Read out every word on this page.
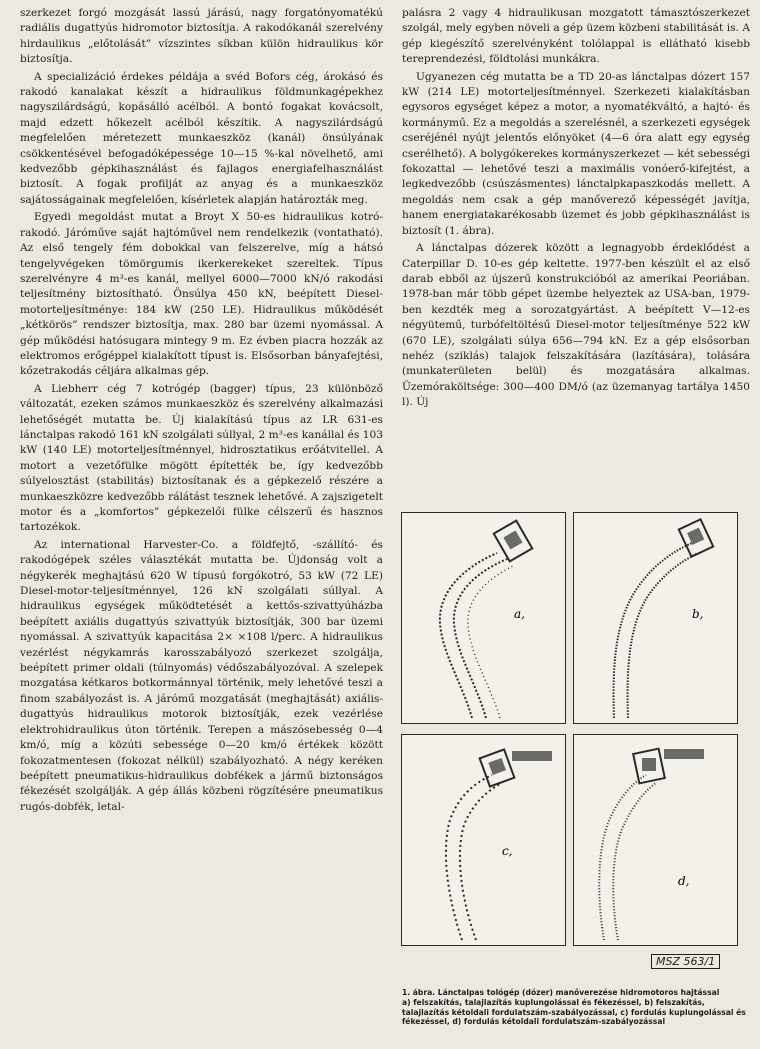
szerkezet forgó mozgását lassú járású, nagy forgatónyomatékú radiális dugattyús hidromotor biztosítja. A rakodókanál szerelvény hirdaulikus „előtolását” vízszintes síkban külön hidraulikus kör biztosítja.

A specializáció érdekes példája a svéd Bofors cég, árokásó és rakodó kanalakat készít a hidraulikus földmunkagépekhez nagyszilárdságú, kopásálló acélból. A bontó fogakat kovácsolt, majd edzett hőkezelt acélból készítik. A nagyszilárdságú megfelelően méretezett munkaeszköz (kanál) önsúlyának csökkentésével befogadóképessége 10—15 %-kal növelhető, ami kedvezőbb gépkihasználást és fajlagos energiafelhasználást biztosít. A fogak profilját az anyag és a munkaeszköz sajátosságainak megfelelően, kísérletek alapján határozták meg.

Egyedi megoldást mutat a Broyt X 50-es hidraulikus kotró-rakodó. Járóműve saját hajtóművel nem rendelkezik (vontatható). Az első tengely fém dobokkal van felszerelve, míg a hátsó tengelyvégeken tömörgumis ikerkerekeket szereltek. Típus szerelvényre 4 m³-es kanál, mellyel 6000—7000 kN/ó rakodási teljesítmény biztosítható. Önsúlya 450 kN, beépített Diesel-motorteljesítménye: 184 kW (250 LE). Hidraulikus működését „kétkörös” rendszer biztosítja, max. 280 bar üzemi nyomással. A gép működési hatósugara mintegy 9 m. Ez évben piacra hozzák az elektromos erőgéppel kialakított típust is. Elsősorban bányafejtési, kőzetrakodás céljára alkalmas gép.

A Liebherr cég 7 kotrógép (bagger) típus, 23 különböző változatát, ezeken számos munkaeszköz és szerelvény alkalmazási lehetőségét mutatta be. Új kialakítású típus az LR 631-es lánctalpas rakodó 161 kN szolgálati súllyal, 2 m³-es kanállal és 103 kW (140 LE) motorteljesítménnyel, hidrosztatikus erőátvitellel. A motort a vezetőfülke mögött építették be, így kedvezőbb súlyelosztást (stabilitás) biztosítanak és a gépkezelő részére a munkaeszközre kedvezőbb rálátást tesznek lehetővé. A zajszigetelt motor és a „komfortos” gépkezelői fülke célszerű és hasznos tartozékok.

Az international Harvester-Co. a földfejtő, -szállító- és rakodógépek széles választékát mutatta be. Újdonság volt a négykerék meghajtású 620 W típusú forgókotró, 53 kW (72 LE) Diesel-motor-teljesítménnyel, 126 kN szolgálati súllyal. A hidraulikus egységek működtetését a kettős-szivattyúházba beépített axiális dugattyús szivattyúk biztosítják, 300 bar üzemi nyomással. A szivattyúk kapacitása 2× ×108 l/perc. A hidraulikus vezérlést négykamrás karosszabályozó szerkezet szolgálja, beépített primer oldali (túlnyomás) védőszabályozóval. A szelepek mozgatása kétkaros botkormánnyal történik, mely lehetővé teszi a finom szabályozást is. A járómű mozgatását (meghajtását) axiális-dugattyús hidraulikus motorok biztosítják, ezek vezérlése elektrohidraulikus úton történik. Terepen a mászósebesség 0—4 km/ó, míg a közúti sebessége 0—20 km/ó értékek között fokozatmentesen (fokozat nélkül) szabályozható. A négy keréken beépített pneumatikus-hidraulikus dobfékek a jármű biztonságos fékezését szolgálják. A gép állás közbeni rögzítésére pneumatikus rugós-dobfék, letal-

palásra 2 vagy 4 hidraulikusan mozgatott támasztószerkezet szolgál, mely egyben növeli a gép üzem közbeni stabilitását is. A gép kiegészítő szerelvényként tolólappal is ellátható kisebb tereprendezési, földtolási munkákra.

Ugyanezen cég mutatta be a TD 20-as lánctalpas dózert 157 kW (214 LE) motorteljesítménnyel. Szerkezeti kialakításban egysoros egységet képez a motor, a nyomatékváltó, a hajtó- és kormánymű. Ez a megoldás a szerelésnél, a szerkezeti egységek cseréjénél nyújt jelentős előnyöket (4—6 óra alatt egy egység cserélhető). A bolygókerekes kormányszerkezet — két sebességi fokozattal — lehetővé teszi a maximális vonóerő-kifejtést, a legkedvezőbb (csúszásmentes) lánctalpkapaszkodás mellett. A megoldás nem csak a gép manőverező képességét javítja, hanem energiatakarékosabb üzemet és jobb gépkihasználást is biztosít (1. ábra).

A lánctalpas dózerek között a legnagyobb érdeklődést a Caterpillar D. 10-es gép keltette. 1977-ben készült el az első darab ebből az újszerű konstrukcióból az amerikai Peoriában. 1978-ban már több gépet üzembe helyeztek az USA-ban, 1979-ben kezdték meg a sorozatgyártást. A beépített V—12-es négyütemű, turbófeltöltésű Diesel-motor teljesítménye 522 kW (670 LE), szolgálati súlya 656—794 kN. Ez a gép elsősorban nehéz (sziklás) talajok felszakítására (lazítására), tolására (munkaterületen belül) és mozgatására alkalmas. Üzemóraköltsége: 300—400 DM/ó (az üzemanyag tartálya 1450 l). Új

a,	b,
c,
d,
MSZ 563/1
1. ábra. Lánctalpas tológép (dózer) manőverezése hidromotoros hajtással
a) felszakítás, talajlazítás kuplungolással és fékezéssel, b) felszakítás, talajlazítás kétoldali fordulatszám-szabályozással, c) fordulás kuplungolással és fékezéssel, d) fordulás kétoldali fordulatszám-szabályozással
